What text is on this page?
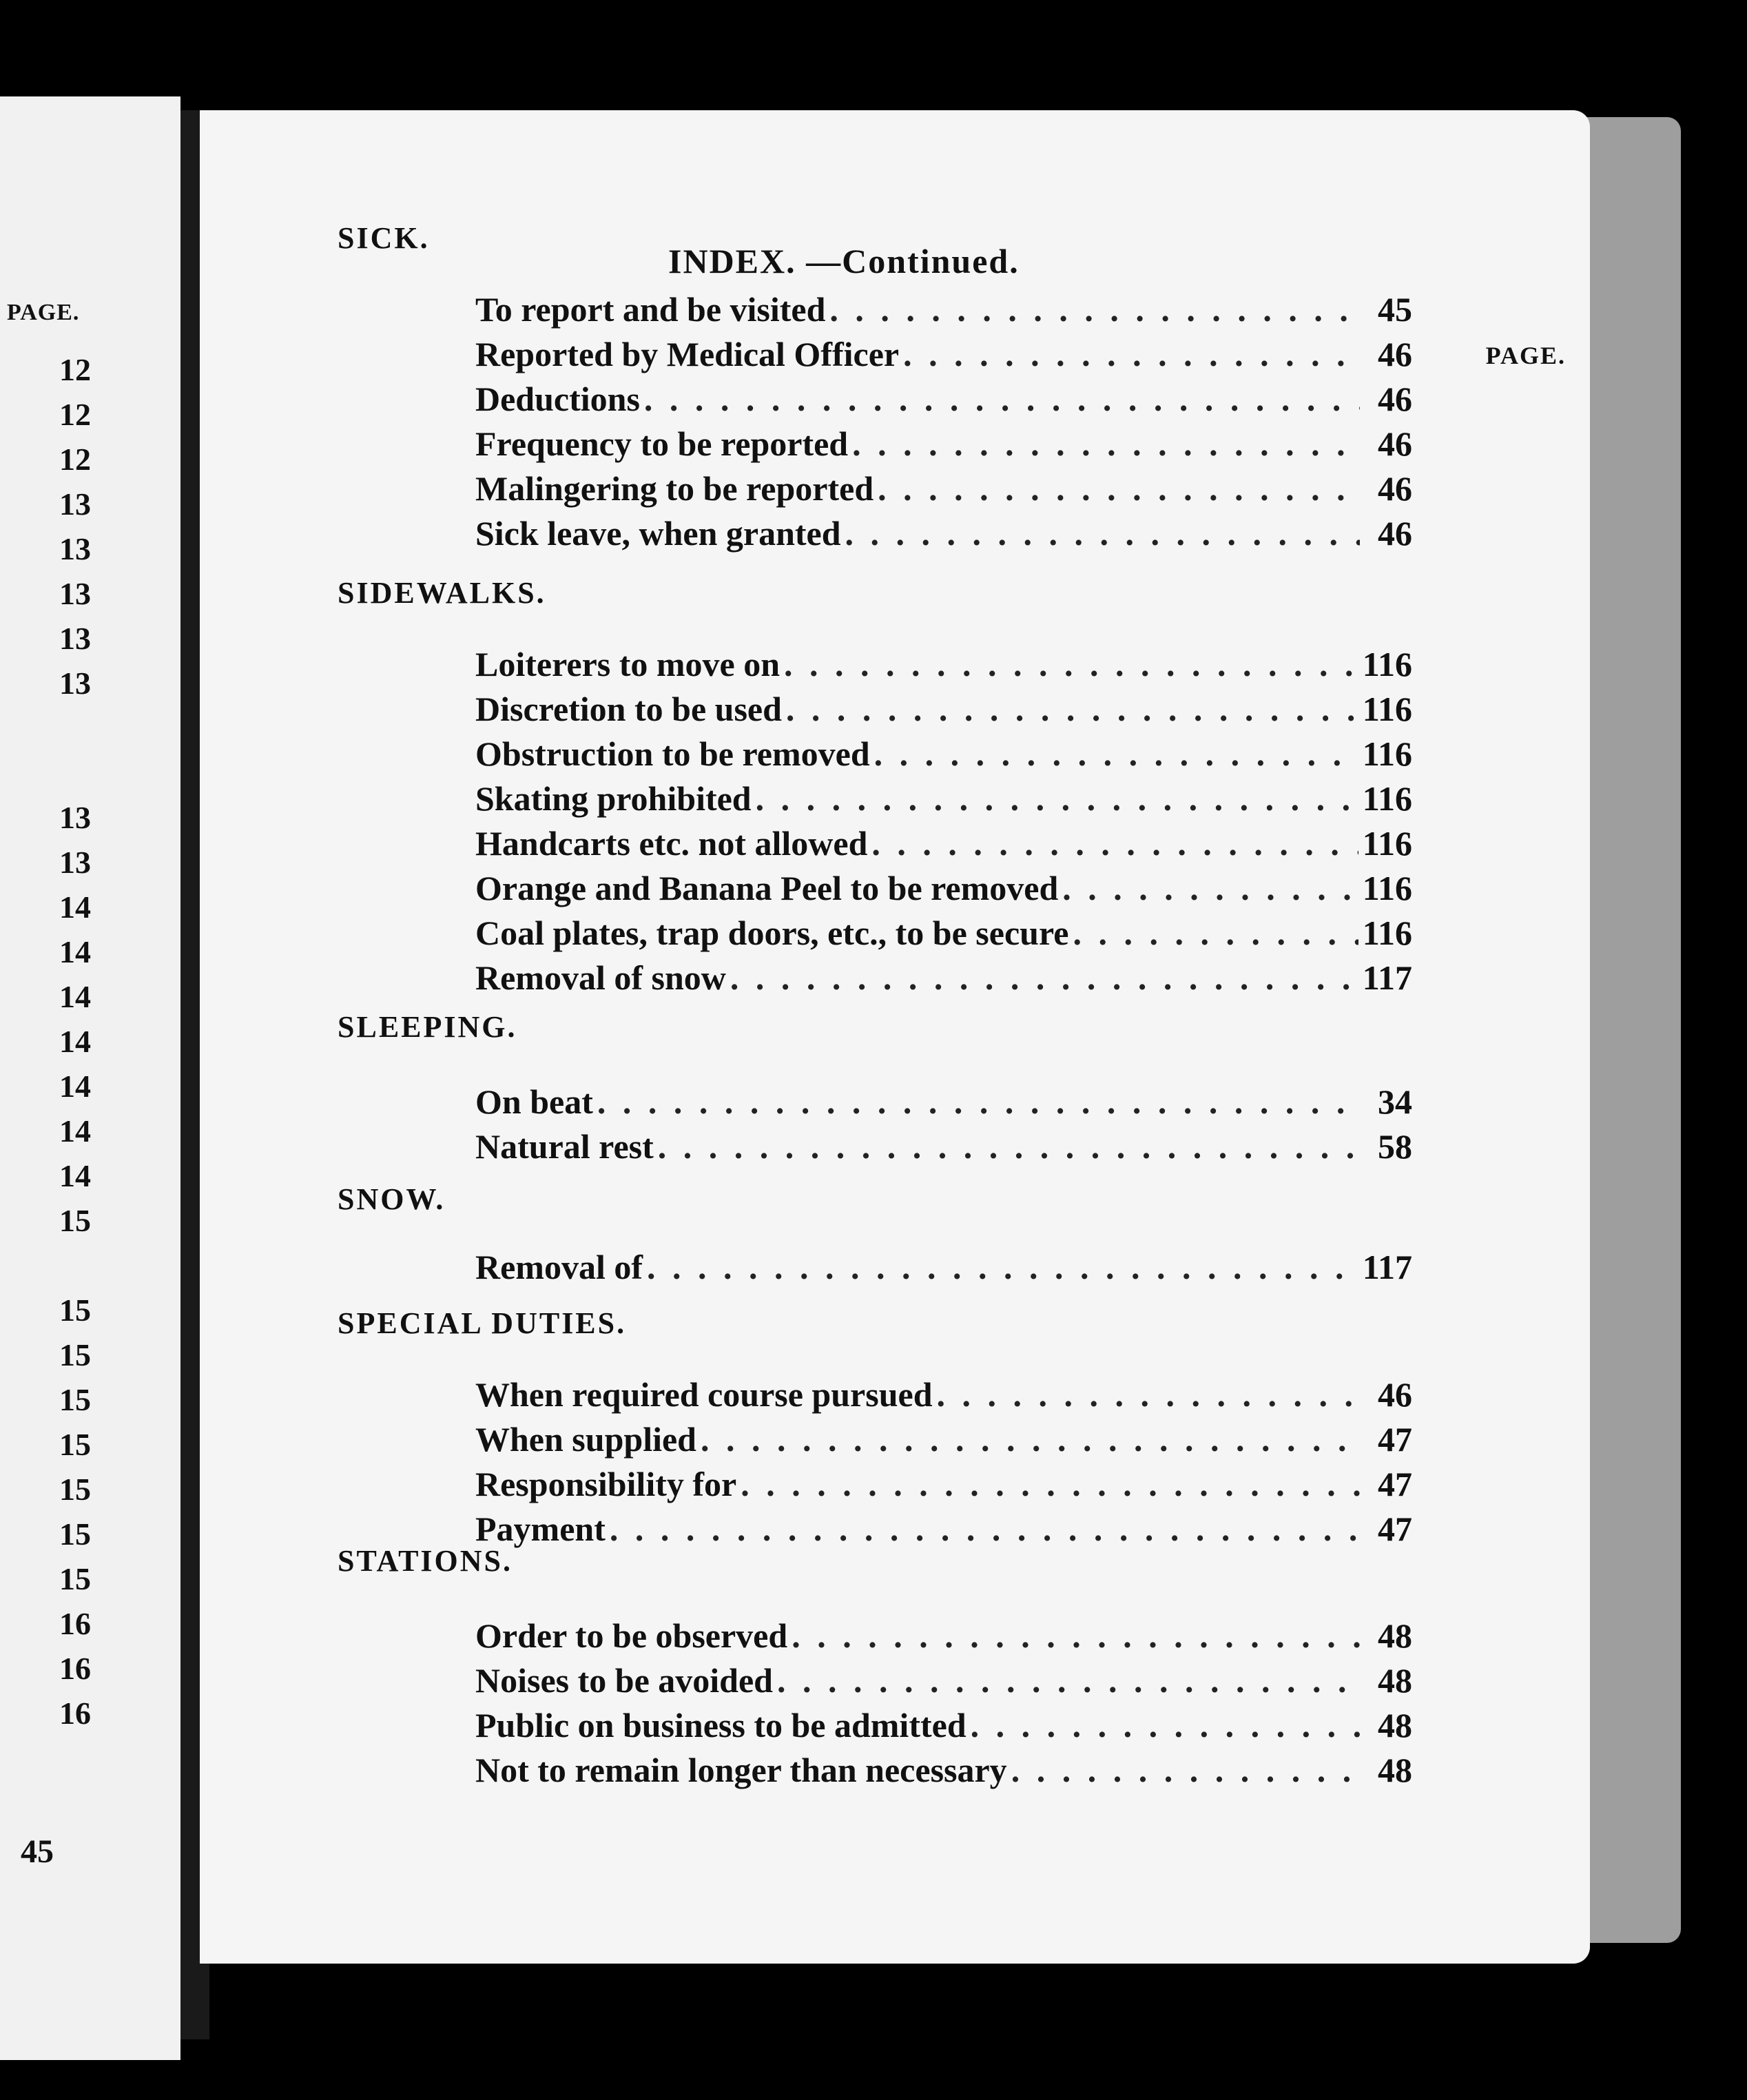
PAGE.
12
12
12
13
13
13
13
13
13
13
14
14
14
14
14
14
14
15
15
15
15
15
15
15
15
16
16
16
45
INDEX. —Continued.
PAGE.
SICK.
To report and be visited . . .	45
Reported by Medical Officer . . .	46
Deductions . . .	46
Frequency to be reported . . .	46
Malingering to be reported . . .	46
Sick leave, when granted . . .	46
SIDEWALKS.
Loiterers to move on . . .	116
Discretion to be used . . .	116
Obstruction to be removed . . .	116
Skating prohibited . . .	116
Handcarts etc. not allowed . . .	116
Orange and Banana Peel to be removed . . .	116
Coal plates, trap doors, etc., to be secure . . .	116
Removal of snow . . .	117
SLEEPING.
On beat . . .	34
Natural rest . . .	58
SNOW.
Removal of . . .	117
SPECIAL DUTIES.
When required course pursued . . .	46
When supplied . . .	47
Responsibility for . . .	47
Payment . . .	47
STATIONS.
Order to be observed . . .	48
Noises to be avoided . . .	48
Public on business to be admitted . . .	48
Not to remain longer than necessary . . .	48
